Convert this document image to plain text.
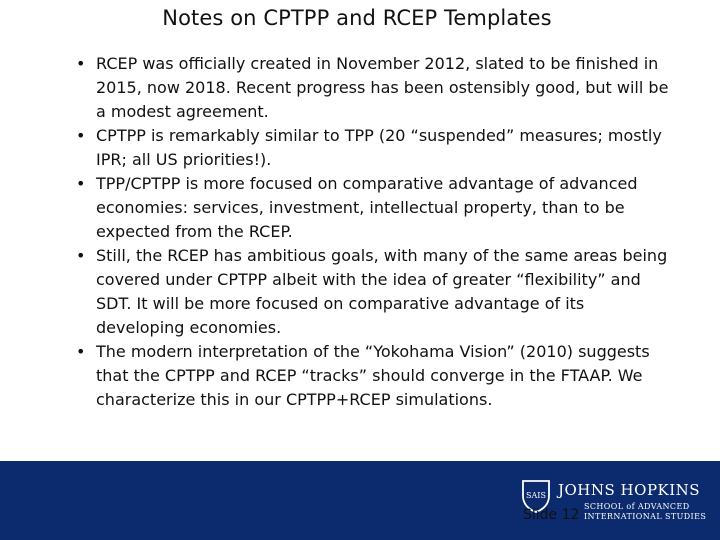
Notes on CPTPP and RCEP Templates
• RCEP was officially created in November 2012, slated to be finished in 2015, now 2018. Recent progress has been ostensibly good, but will be a modest agreement.
• CPTPP is remarkably similar to TPP (20 “suspended” measures; mostly IPR; all US priorities!).
• TPP/CPTPP is more focused on comparative advantage of advanced economies: services, investment, intellectual property, than to be expected from the RCEP.
• Still, the RCEP has ambitious goals, with many of the same areas being covered under CPTPP albeit with the idea of greater “flexibility” and SDT. It will be more focused on comparative advantage of its developing economies.
• The modern interpretation of the “Yokohama Vision” (2010) suggests that the CPTPP and RCEP “tracks” should converge in the FTAAP. We characterize this in our CPTPP+RCEP simulations.
SAIS JOHNS HOPKINS
SCHOOL of ADVANCED
INTERNATIONAL STUDIES
Slide 12
